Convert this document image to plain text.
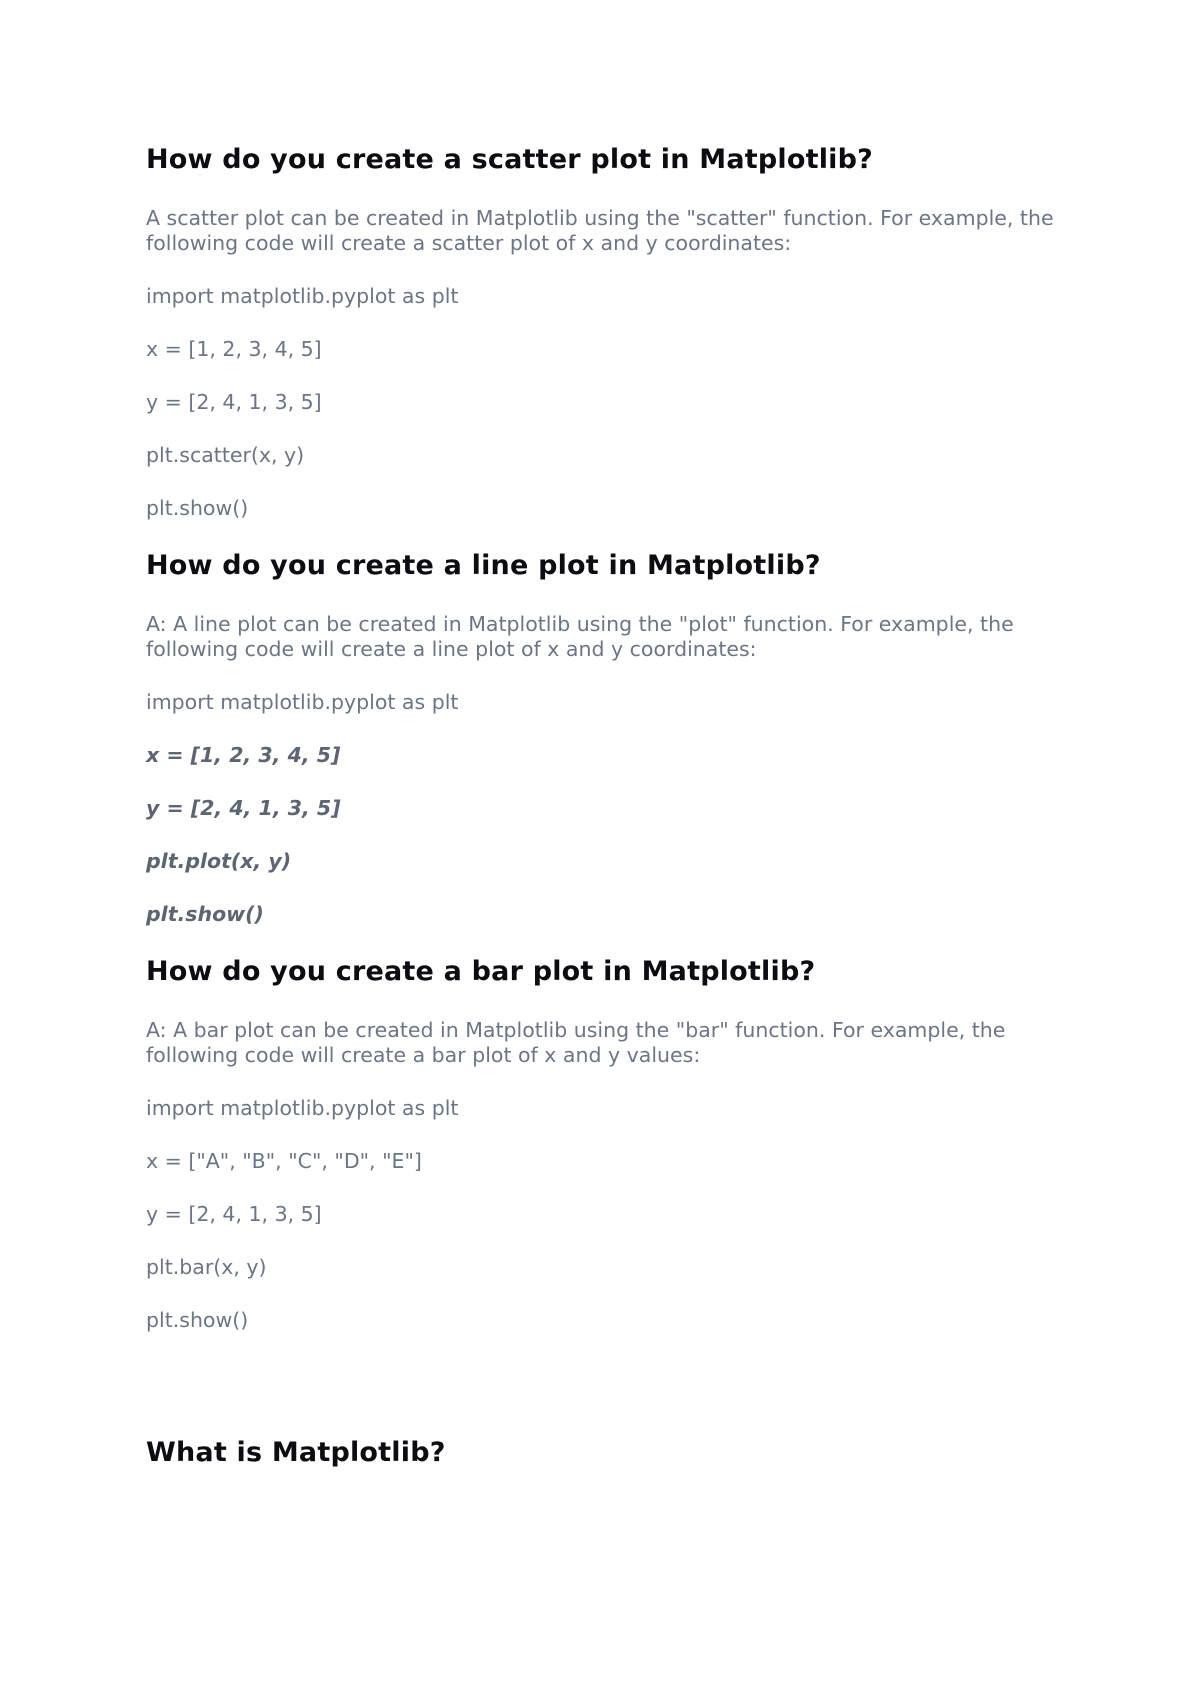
How do you create a scatter plot in Matplotlib?

A scatter plot can be created in Matplotlib using the "scatter" function. For example, the following code will create a scatter plot of x and y coordinates:

import matplotlib.pyplot as plt

x = [1, 2, 3, 4, 5]

y = [2, 4, 1, 3, 5]

plt.scatter(x, y)

plt.show()

How do you create a line plot in Matplotlib?

A: A line plot can be created in Matplotlib using the "plot" function. For example, the following code will create a line plot of x and y coordinates:

import matplotlib.pyplot as plt

x = [1, 2, 3, 4, 5]

y = [2, 4, 1, 3, 5]

plt.plot(x, y)

plt.show()

How do you create a bar plot in Matplotlib?

A: A bar plot can be created in Matplotlib using the "bar" function. For example, the following code will create a bar plot of x and y values:

import matplotlib.pyplot as plt

x = ["A", "B", "C", "D", "E"]

y = [2, 4, 1, 3, 5]

plt.bar(x, y)

plt.show()

What is Matplotlib?
